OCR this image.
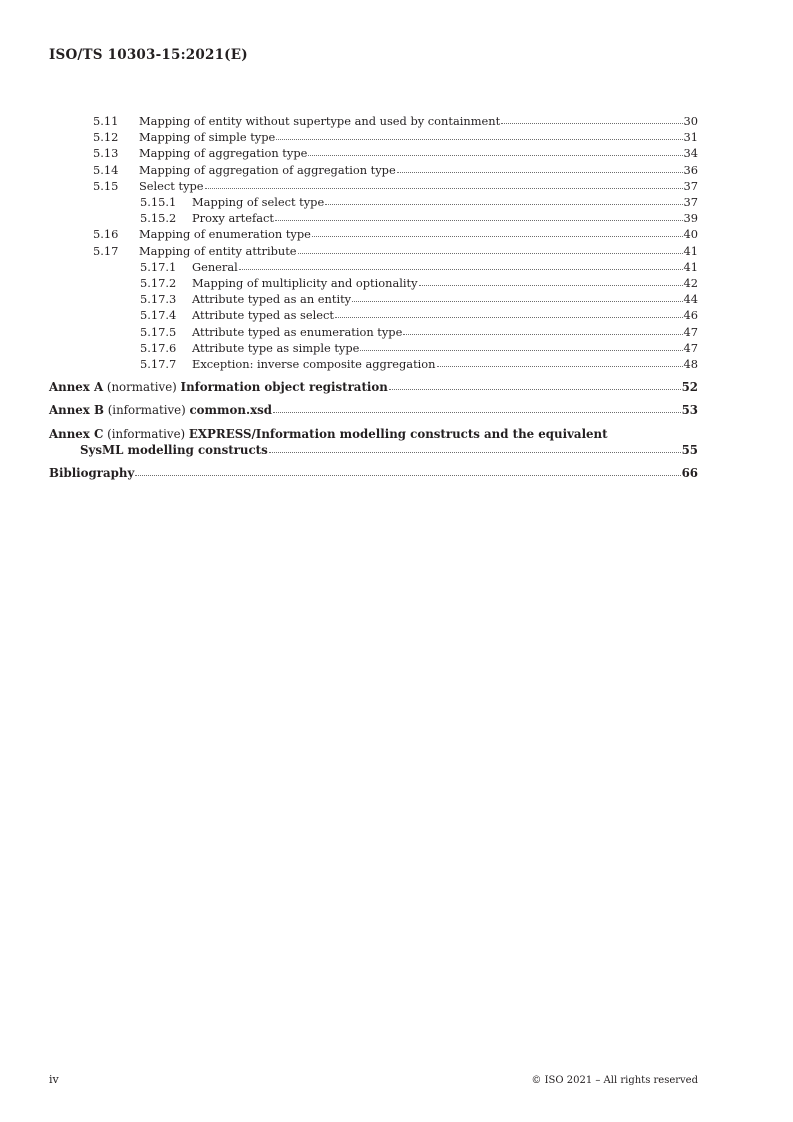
ISO/TS 10303-15:2021(E)
5.11	Mapping of entity without supertype and used by containment	30
5.12	Mapping of simple type	31
5.13	Mapping of aggregation type	34
5.14	Mapping of aggregation of aggregation type	36
5.15	Select type	37
5.15.1	Mapping of select type	37
5.15.2	Proxy artefact	39
5.16	Mapping of enumeration type	40
5.17	Mapping of entity attribute	41
5.17.1	General	41
5.17.2	Mapping of multiplicity and optionality	42
5.17.3	Attribute typed as an entity	44
5.17.4	Attribute typed as select	46
5.17.5	Attribute typed as enumeration type	47
5.17.6	Attribute type as simple type	47
5.17.7	Exception: inverse composite aggregation	48
Annex A (normative) Information object registration	52
Annex B (informative) common.xsd	53
Annex C (informative) EXPRESS/Information modelling constructs and the equivalent
SysML modelling constructs	55
Bibliography	66
iv	© ISO 2021 – All rights reserved
